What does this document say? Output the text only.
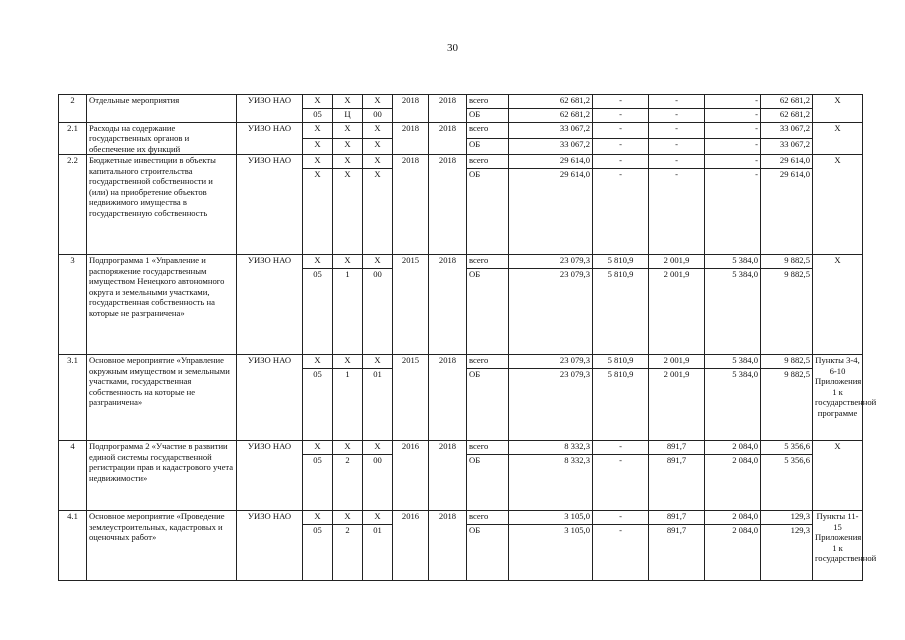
30
2	Отдельные мероприятия	УИЗО НАО	Х	Х	Х	2018	2018	всего	62 681,2	-	-	-	62 681,2	Х
			05	Ц	00			ОБ	62 681,2	-	-	-	62 681,2	
2.1	Расходы на содержание государственных органов и обеспечение их функций	УИЗО НАО	Х	Х	Х	2018	2018	всего	33 067,2	-	-	-	33 067,2	Х
			Х	Х	Х			ОБ	33 067,2	-	-	-	33 067,2	
2.2	Бюджетные инвестиции в объекты капитального строительства государственной собственности и (или) на приобретение объектов недвижимого имущества в государственную собственность	УИЗО НАО	Х	Х	Х	2018	2018	всего	29 614,0	-	-	-	29 614,0	Х
			Х	Х	Х			ОБ	29 614,0	-	-	-	29 614,0	
3	Подпрограмма 1 «Управление и распоряжение государственным имуществом Ненецкого автономного округа и земельными участками, государственная собственность на которые не разграничена»	УИЗО НАО	Х	Х	Х	2015	2018	всего	23 079,3	5 810,9	2 001,9	5 384,0	9 882,5	Х
			05	1	00			ОБ	23 079,3	5 810,9	2 001,9	5 384,0	9 882,5	
3.1	Основное мероприятие «Управление окружным имуществом и земельными участками, государственная собственность на которые не разграничена»	УИЗО НАО	Х	Х	Х	2015	2018	всего	23 079,3	5 810,9	2 001,9	5 384,0	9 882,5	Пункты 3-4, 6-10 Приложения 1 к государственной программе
			05	1	01			ОБ	23 079,3	5 810,9	2 001,9	5 384,0	9 882,5	
4	Подпрограмма 2 «Участие в развитии единой системы государственной регистрации прав и кадастрового учета недвижимости»	УИЗО НАО	Х	Х	Х	2016	2018	всего	8 332,3	-	891,7	2 084,0	5 356,6	Х
			05	2	00			ОБ	8 332,3	-	891,7	2 084,0	5 356,6	
4.1	Основное мероприятие «Проведение землеустроительных, кадастровых и оценочных работ»	УИЗО НАО	Х	Х	Х	2016	2018	всего	3 105,0	-	891,7	2 084,0	129,3	Пункты 11-15 Приложения 1 к государственной
			05	2	01			ОБ	3 105,0	-	891,7	2 084,0	129,3	
